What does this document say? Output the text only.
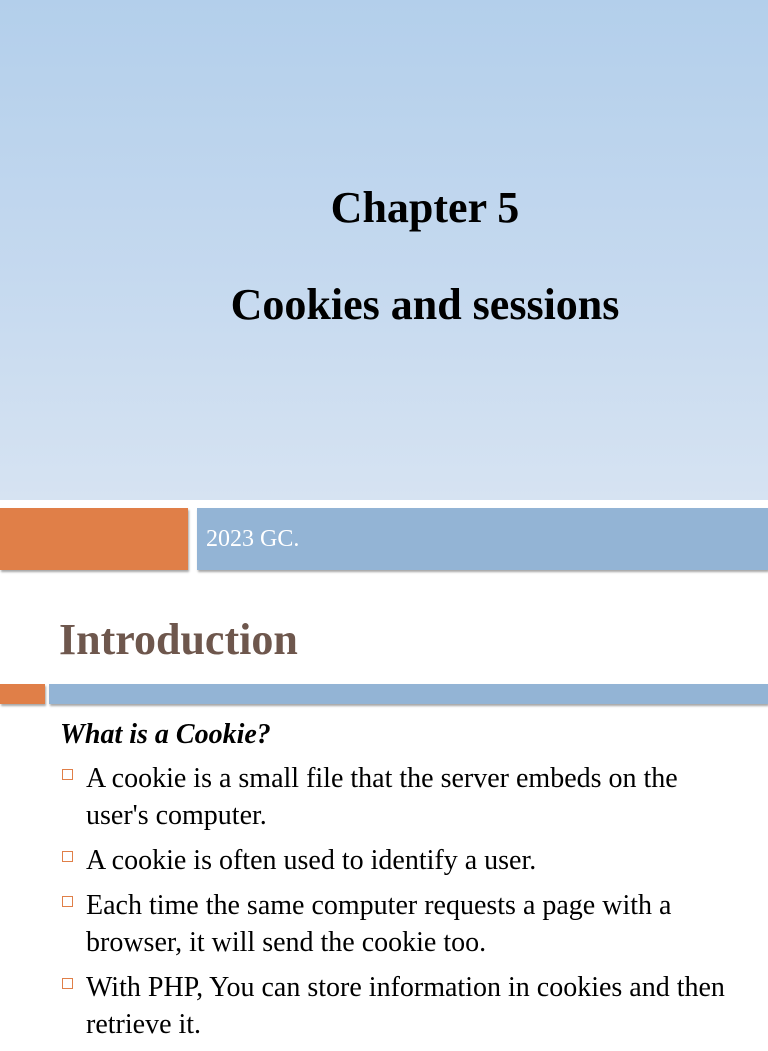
Chapter 5
Cookies and sessions
2023 GC.
Introduction
What is a Cookie?
A cookie is a small file that the server embeds on the user's computer.
A cookie is often used to identify a user.
Each time the same computer requests a page with a browser, it will send the cookie too.
With PHP, You can store information in cookies and then retrieve it.
